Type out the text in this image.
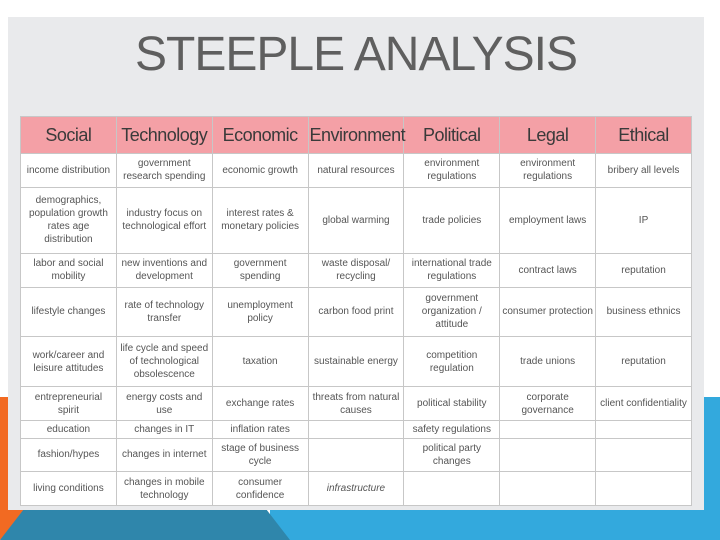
STEEPLE ANALYSIS
Social	Technology	Economic	Environment	Political	Legal	Ethical
income distribution	government research spending	economic growth	natural resources	environment regulations	environment regulations	bribery all levels
demographics, population growth rates age distribution	industry focus on technological effort	interest rates & monetary policies	global warming	trade policies	employment laws	IP
labor and social mobility	new inventions and development	government spending	waste disposal/ recycling	international trade regulations	contract laws	reputation
lifestyle changes	rate of technology transfer	unemployment policy	carbon food print	government organization / attitude	consumer protection	business ethnics
work/career and leisure attitudes	life cycle and speed of technological obsolescence	taxation	sustainable energy	competition regulation	trade unions	reputation
entrepreneurial spirit	energy costs and use	exchange rates	threats from natural causes	political stability	corporate governance	client confidentiality
education	changes in IT	inflation rates		safety regulations		
fashion/hypes	changes in internet	stage of business cycle		political party changes		
living conditions	changes in mobile technology	consumer confidence	infrastructure			
